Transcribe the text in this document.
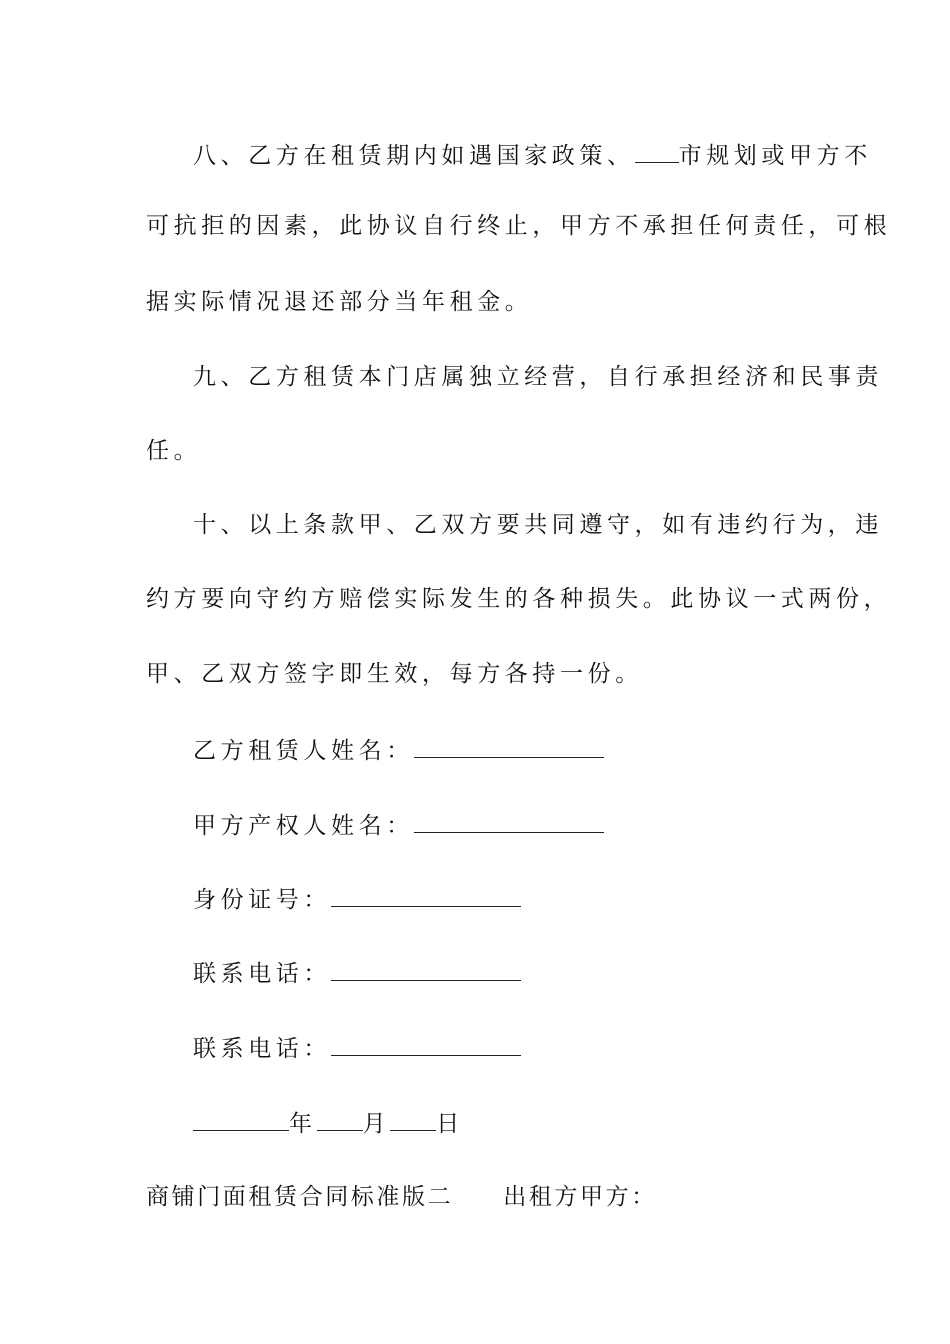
八、乙方在租赁期内如遇国家政策、 市规划或甲方不
可抗拒的因素，此协议自行终止，甲方不承担任何责任，可根
据实际情况退还部分当年租金。
九、乙方租赁本门店属独立经营，自行承担经济和民事责
任。
十、以上条款甲、乙双方要共同遵守，如有违约行为，违
约方要向守约方赔偿实际发生的各种损失。此协议一式两份，
甲、乙双方签字即生效，每方各持一份。
乙方租赁人姓名：
甲方产权人姓名：
身份证号：
联系电话：
联系电话：
年 月 日
商铺门面租赁合同标准版二 出租方甲方：
